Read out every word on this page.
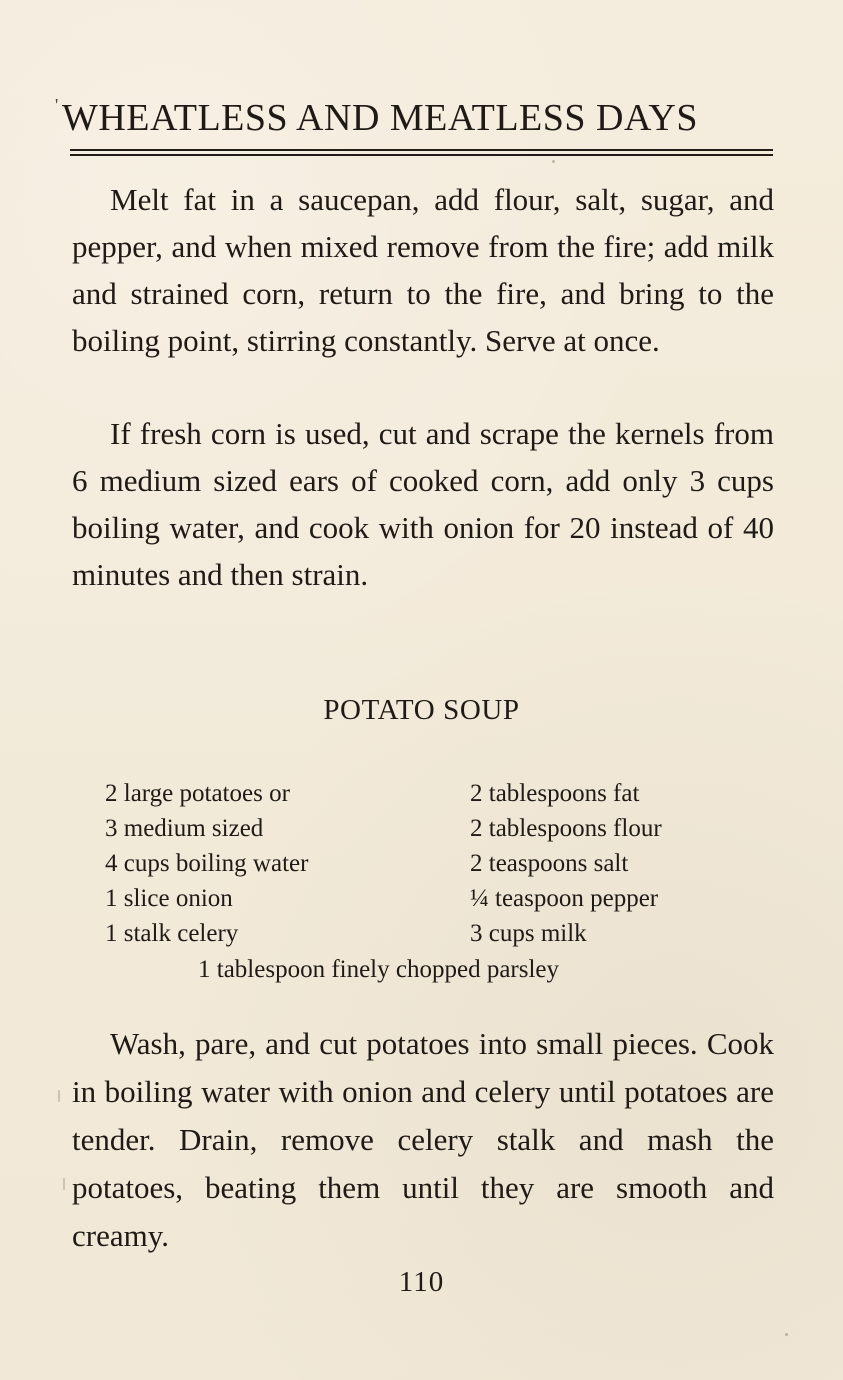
' WHEATLESS AND MEATLESS DAYS

Melt fat in a saucepan, add flour, salt, sugar, and pepper, and when mixed remove from the fire; add milk and strained corn, return to the fire, and bring to the boiling point, stirring constantly. Serve at once.

If fresh corn is used, cut and scrape the kernels from 6 medium sized ears of cooked corn, add only 3 cups boiling water, and cook with onion for 20 instead of 40 minutes and then strain.

POTATO SOUP
2 large potatoes or
3 medium sized
4 cups boiling water
1 slice onion
1 stalk celery
2 tablespoons fat
2 tablespoons flour
2 teaspoons salt
¼ teaspoon pepper
3 cups milk
1 tablespoon finely chopped parsley

Wash, pare, and cut potatoes into small pieces. Cook in boiling water with onion and celery until potatoes are tender. Drain, remove celery stalk and mash the potatoes, beating them until they are smooth and creamy.

110
